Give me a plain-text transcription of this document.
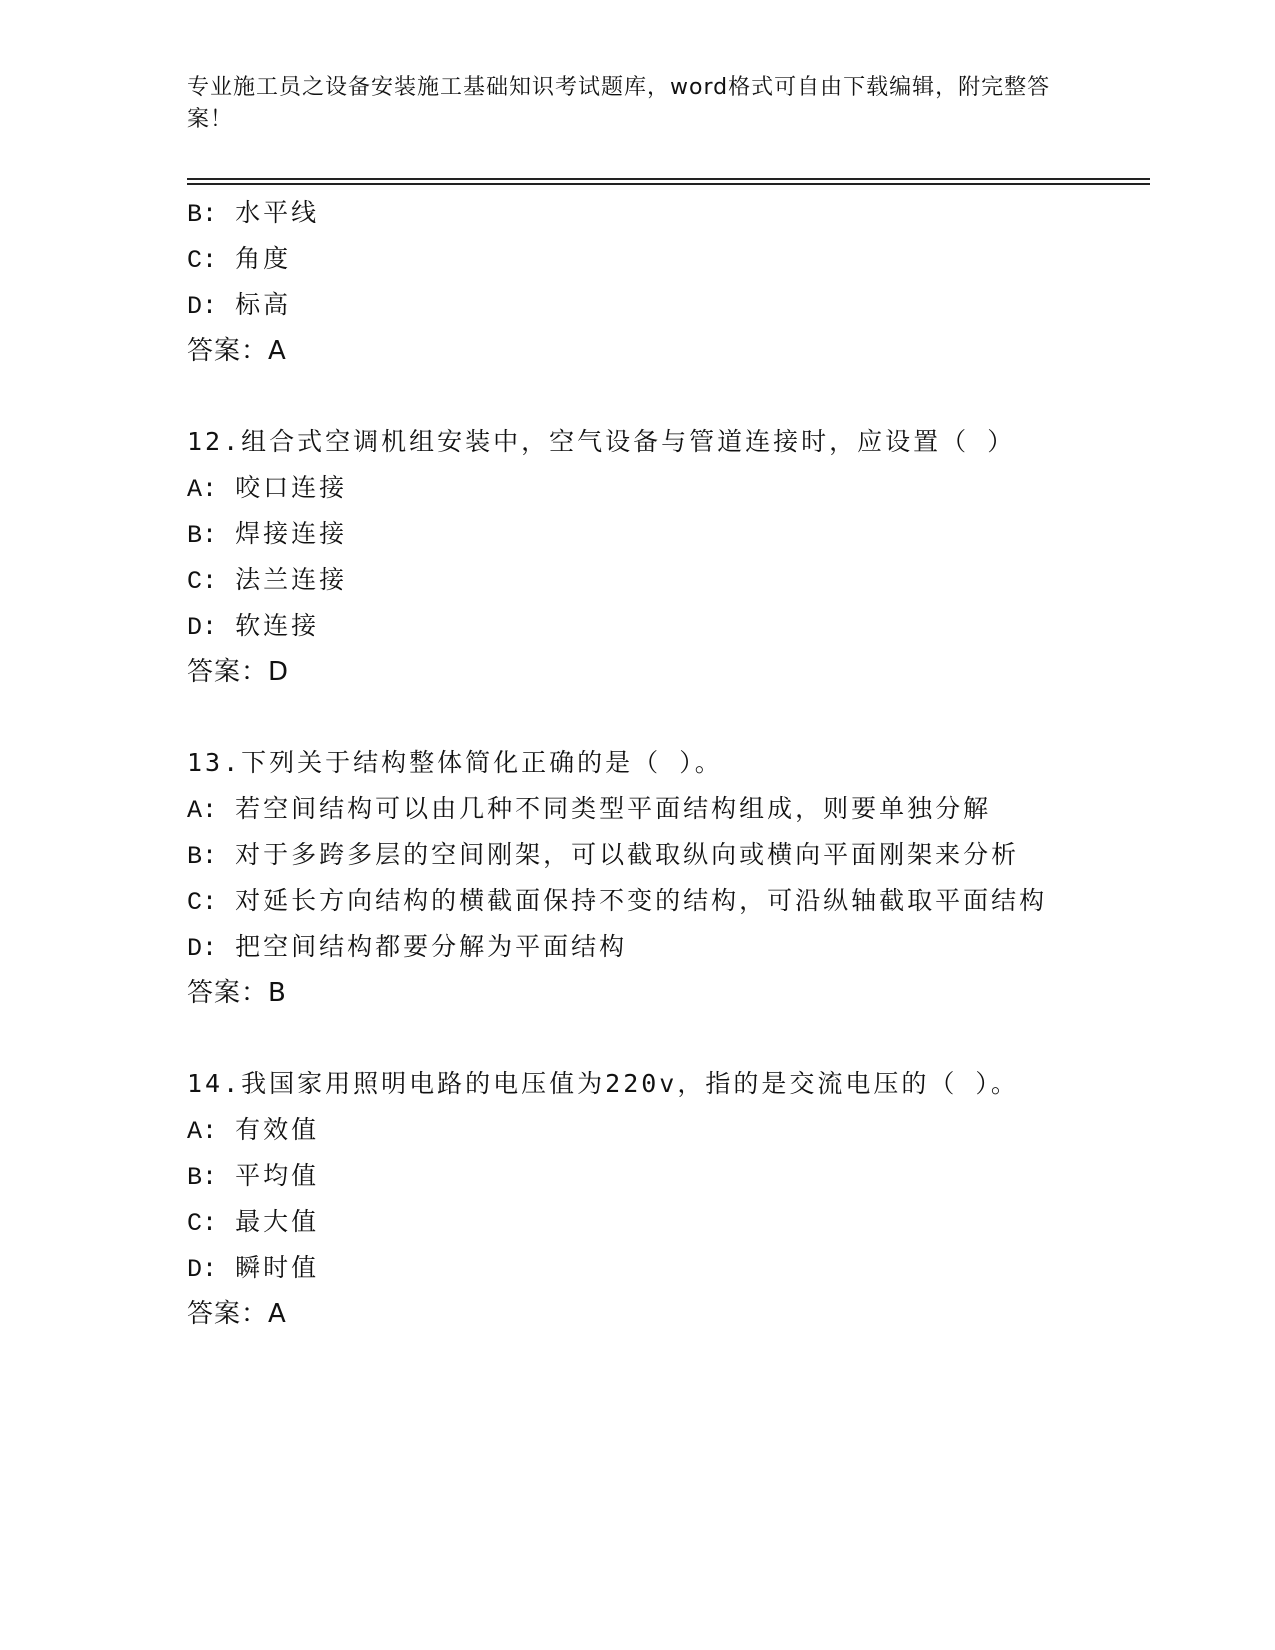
专业施工员之设备安装施工基础知识考试题库，word格式可自由下载编辑，附完整答案！
B: 水平线
C: 角度
D: 标高
答案：A
12.组合式空调机组安装中，空气设备与管道连接时，应设置（ ）
A: 咬口连接
B: 焊接连接
C: 法兰连接
D: 软连接
答案：D
13.下列关于结构整体简化正确的是（ ）。
A: 若空间结构可以由几种不同类型平面结构组成，则要单独分解
B: 对于多跨多层的空间刚架，可以截取纵向或横向平面刚架来分析
C: 对延长方向结构的横截面保持不变的结构，可沿纵轴截取平面结构
D: 把空间结构都要分解为平面结构
答案：B
14.我国家用照明电路的电压值为220v，指的是交流电压的（ ）。
A: 有效值
B: 平均值
C: 最大值
D: 瞬时值
答案：A
